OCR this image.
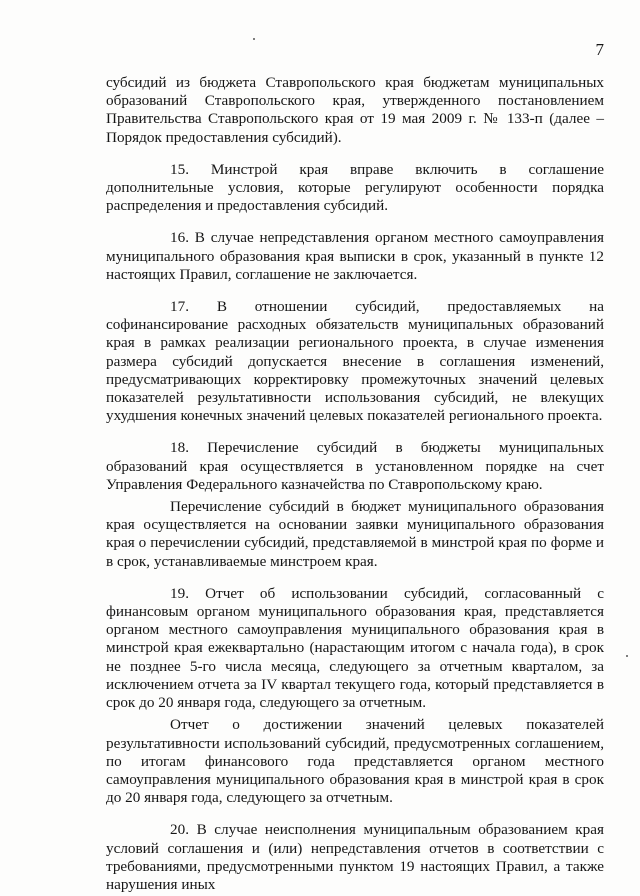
7

субсидий из бюджета Ставропольского края бюджетам муниципальных образований Ставропольского края, утвержденного постановлением Правительства Ставропольского края от 19 мая 2009 г. № 133-п (далее – Порядок предоставления субсидий).

15. Минстрой края вправе включить в соглашение дополнительные условия, которые регулируют особенности порядка распределения и предоставления субсидий.

16. В случае непредставления органом местного самоуправления муниципального образования края выписки в срок, указанный в пункте 12 настоящих Правил, соглашение не заключается.

17. В отношении субсидий, предоставляемых на софинансирование расходных обязательств муниципальных образований края в рамках реализации регионального проекта, в случае изменения размера субсидий допускается внесение в соглашения изменений, предусматривающих корректировку промежуточных значений целевых показателей результативности использования субсидий, не влекущих ухудшения конечных значений целевых показателей регионального проекта.

18. Перечисление субсидий в бюджеты муниципальных образований края осуществляется в установленном порядке на счет Управления Федерального казначейства по Ставропольскому краю.

Перечисление субсидий в бюджет муниципального образования края осуществляется на основании заявки муниципального образования края о перечислении субсидий, представляемой в минстрой края по форме и в срок, устанавливаемые минстроем края.

19. Отчет об использовании субсидий, согласованный с финансовым органом муниципального образования края, представляется органом местного самоуправления муниципального образования края в минстрой края ежеквартально (нарастающим итогом с начала года), в срок не позднее 5-го числа месяца, следующего за отчетным кварталом, за исключением отчета за IV квартал текущего года, который представляется в срок до 20 января года, следующего за отчетным.

Отчет о достижении значений целевых показателей результативности использований субсидий, предусмотренных соглашением, по итогам финансового года представляется органом местного самоуправления муниципального образования края в минстрой края в срок до 20 января года, следующего за отчетным.

20. В случае неисполнения муниципальным образованием края условий соглашения и (или) непредставления отчетов в соответствии с требованиями, предусмотренными пунктом 19 настоящих Правил, а также нарушения иных
